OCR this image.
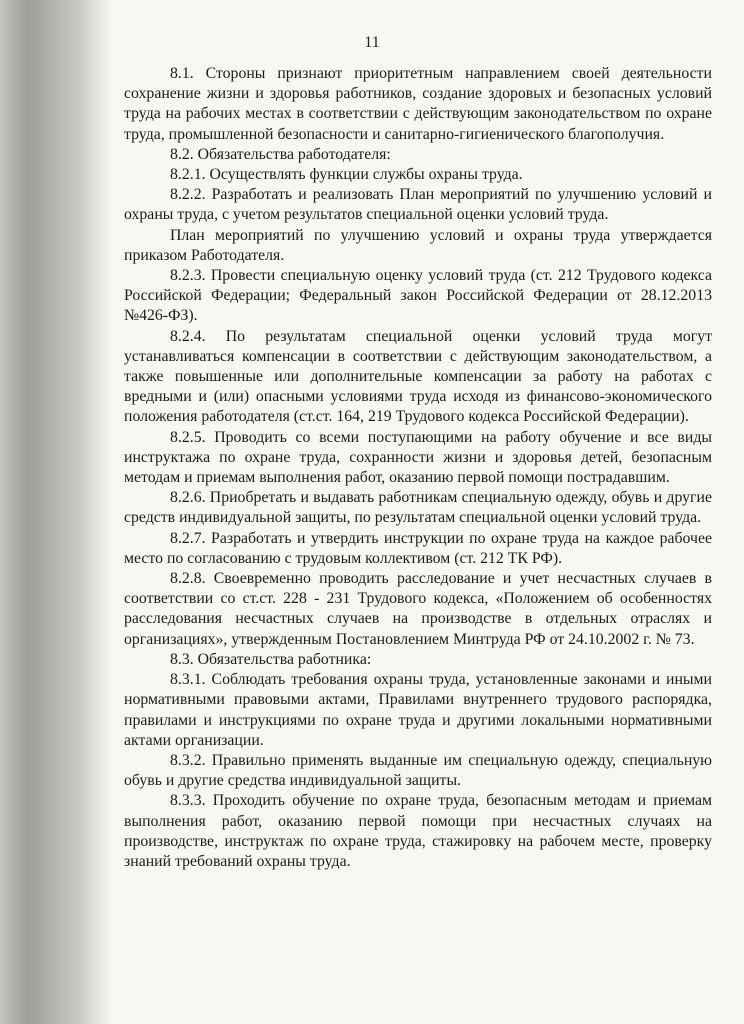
11

8.1. Стороны признают приоритетным направлением своей деятельности сохранение жизни и здоровья работников, создание здоровых и безопасных условий труда на рабочих местах в соответствии с действующим законодательством по охране труда, промышленной безопасности и санитарно-гигиенического благополучия.

8.2. Обязательства работодателя:

8.2.1. Осуществлять функции службы охраны труда.

8.2.2. Разработать и реализовать План мероприятий по улучшению условий и охраны труда, с учетом результатов специальной оценки условий труда.

План мероприятий по улучшению условий и охраны труда утверждается приказом Работодателя.

8.2.3. Провести специальную оценку условий труда (ст. 212 Трудового кодекса Российской Федерации; Федеральный закон Российской Федерации от 28.12.2013 №426-ФЗ).

8.2.4. По результатам специальной оценки условий труда могут устанавливаться компенсации в соответствии с действующим законодательством, а также повышенные или дополнительные компенсации за работу на работах с вредными и (или) опасными условиями труда исходя из финансово-экономического положения работодателя (ст.ст. 164, 219 Трудового кодекса Российской Федерации).

8.2.5. Проводить со всеми поступающими на работу обучение и все виды инструктажа по охране труда, сохранности жизни и здоровья детей, безопасным методам и приемам выполнения работ, оказанию первой помощи пострадавшим.

8.2.6. Приобретать и выдавать работникам специальную одежду, обувь и другие средств индивидуальной защиты, по результатам специальной оценки условий труда.

8.2.7. Разработать и утвердить инструкции по охране труда на каждое рабочее место по согласованию с трудовым коллективом (ст. 212 ТК РФ).

8.2.8. Своевременно проводить расследование и учет несчастных случаев в соответствии со ст.ст. 228 - 231 Трудового кодекса, «Положением об особенностях расследования несчастных случаев на производстве в отдельных отраслях и организациях», утвержденным Постановлением Минтруда РФ от 24.10.2002 г. № 73.

8.3. Обязательства работника:

8.3.1. Соблюдать требования охраны труда, установленные законами и иными нормативными правовыми актами, Правилами внутреннего трудового распорядка, правилами и инструкциями по охране труда и другими локальными нормативными актами организации.

8.3.2. Правильно применять выданные им специальную одежду, специальную обувь и другие средства индивидуальной защиты.

8.3.3. Проходить обучение по охране труда, безопасным методам и приемам выполнения работ, оказанию первой помощи при несчастных случаях на производстве, инструктаж по охране труда, стажировку на рабочем месте, проверку знаний требований охраны труда.
